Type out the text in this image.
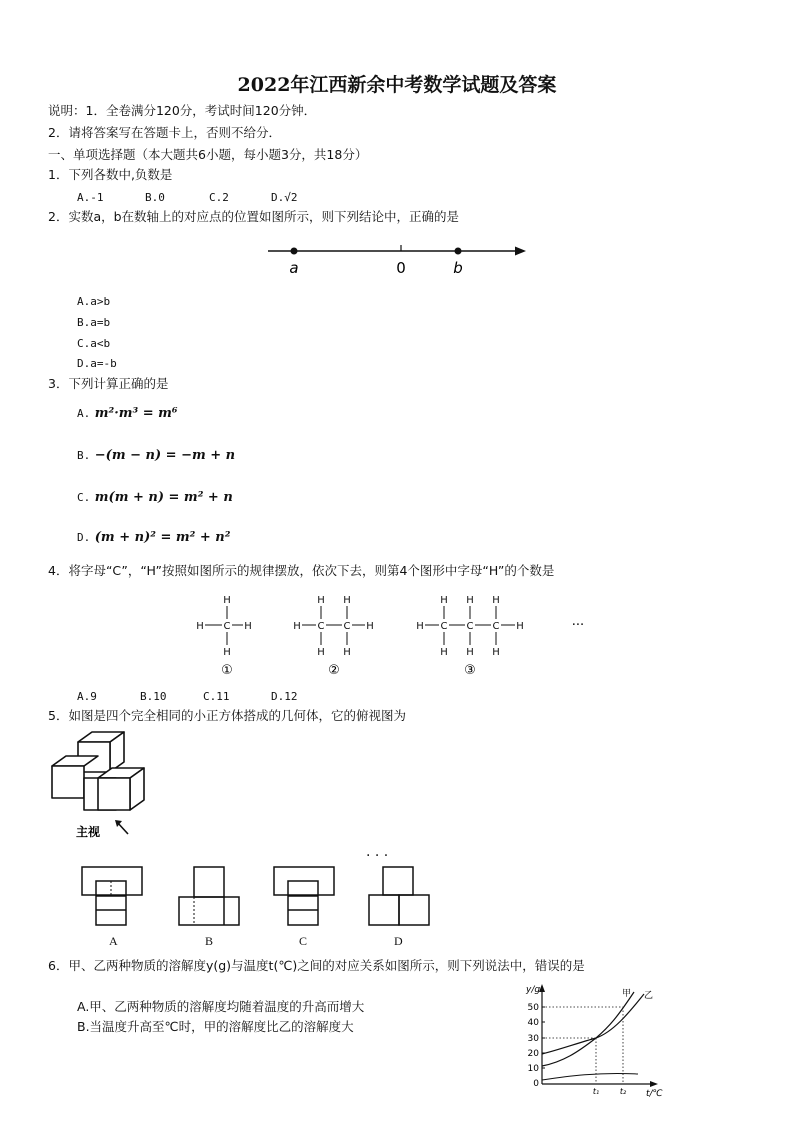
2022年江西新余中考数学试题及答案
说明：1．全卷满分120分，考试时间120分钟．
2．请将答案写在答题卡上，否则不给分．
一、单项选择题（本大题共6小题，每小题3分，共18分）
1．下列各数中,负数是
A.-1	B.0	C.2	D.√2
2．实数a，b在数轴上的对应点的位置如图所示，则下列结论中，正确的是
a	0	b
A.a>b
B.a=b
C.a<b
D.a=-b
3．下列计算正确的是
A. m²·m³ = m⁶
B. −(m − n) = −m + n
C. m(m + n) = m² + n
D. (m + n)² = m² + n²
4．将字母“C”，“H”按照如图所示的规律摆放，依次下去，则第4个图形中字母“H”的个数是
H
C
H
H	H
H H
C C
H H
H	H
H H H
C C C
H H H
H	H
①	②	③
···
A.9	B.10	C.11	D.12
5．如图是四个完全相同的小正方体搭成的几何体，它的俯视图为
主视
· · ·
A	B	C	D
6．甲、乙两种物质的溶解度y(g)与温度t(℃)之间的对应关系如图所示，则下列说法中，错误的是
A.甲、乙两种物质的溶解度均随着温度的升高而增大
B.当温度升高至℃时，甲的溶解度比乙的溶解度大
y/g
t/℃
50
40
30
20
10
0
甲 乙
t₁	t₂
